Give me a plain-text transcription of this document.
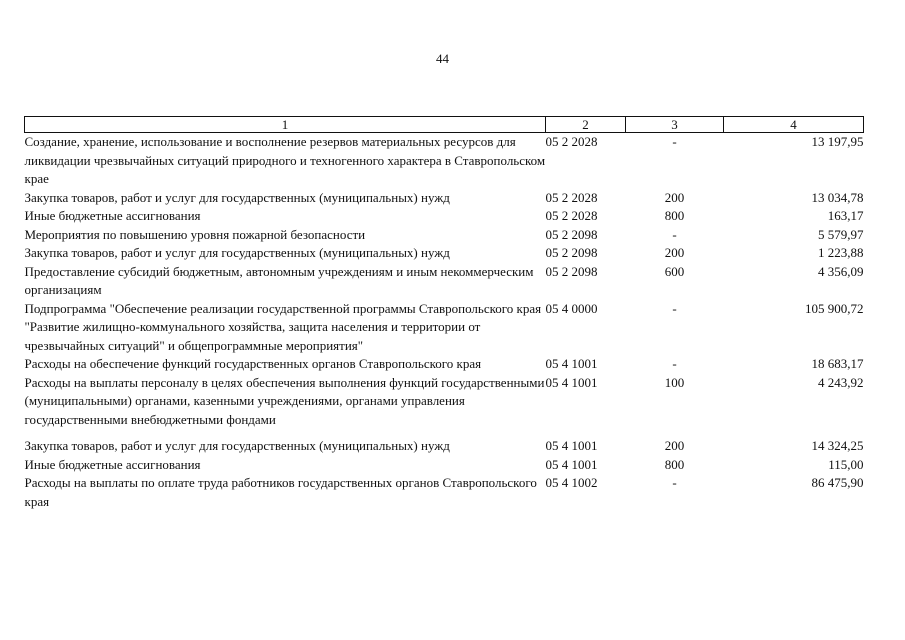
44
1	2	3	4
Создание, хранение, использование и восполнение резервов материальных ресурсов для ликвидации чрезвычайных ситуаций природного и техногенного характера в Ставропольском крае	05 2 2028	-	13 197,95
Закупка товаров, работ и услуг для государственных (муниципальных) нужд	05 2 2028	200	13 034,78
Иные бюджетные ассигнования	05 2 2028	800	163,17
Мероприятия по повышению уровня пожарной безопасности	05 2 2098	-	5 579,97
Закупка товаров, работ и услуг для государственных (муниципальных) нужд	05 2 2098	200	1 223,88
Предоставление субсидий бюджетным, автономным учреждениям и иным некоммерческим организациям	05 2 2098	600	4 356,09
Подпрограмма "Обеспечение реализации государственной программы Ставропольского края "Развитие жилищно-коммунального хозяйства, защита населения и территории от чрезвычайных ситуаций" и общепрограммные мероприятия"	05 4 0000	-	105 900,72
Расходы на обеспечение функций государственных органов Ставропольского края	05 4 1001	-	18 683,17
Расходы на выплаты персоналу в целях обеспечения выполнения функций государственными (муниципальными) органами, казенными учреждениями, органами управления государственными внебюджетными фондами	05 4 1001	100	4 243,92
Закупка товаров, работ и услуг для государственных (муниципальных) нужд	05 4 1001	200	14 324,25
Иные бюджетные ассигнования	05 4 1001	800	115,00
Расходы на выплаты по оплате труда работников государственных органов Ставропольского края	05 4 1002	-	86 475,90
